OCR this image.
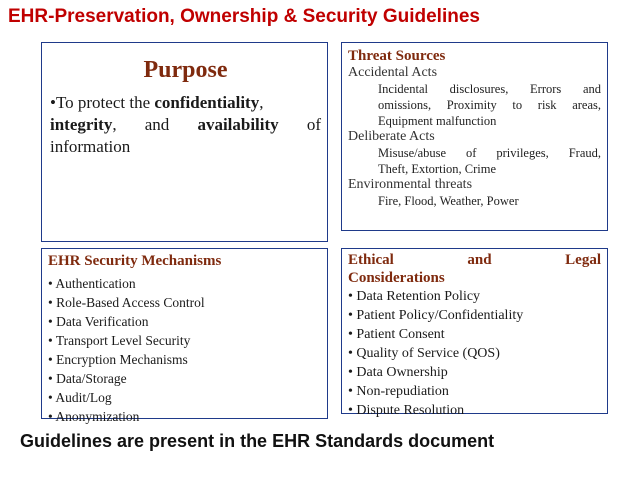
EHR-Preservation, Ownership & Security Guidelines
Purpose
•To protect the confidentiality,
integrity, and availability of information
Threat Sources
Accidental Acts
Incidental disclosures, Errors and
omissions, Proximity to risk areas,
Equipment malfunction
Deliberate Acts
Misuse/abuse of privileges, Fraud,
Theft, Extortion, Crime
Environmental threats
Fire, Flood, Weather, Power
EHR Security Mechanisms
• Authentication
• Role-Based Access Control
• Data Verification
• Transport Level Security
• Encryption Mechanisms
• Data/Storage
• Audit/Log
• Anonymization
Ethical	and	Legal
Considerations
• Data Retention Policy
• Patient Policy/Confidentiality
• Patient Consent
• Quality of Service (QOS)
• Data Ownership
• Non-repudiation
• Dispute Resolution
Guidelines are present in the EHR Standards document
